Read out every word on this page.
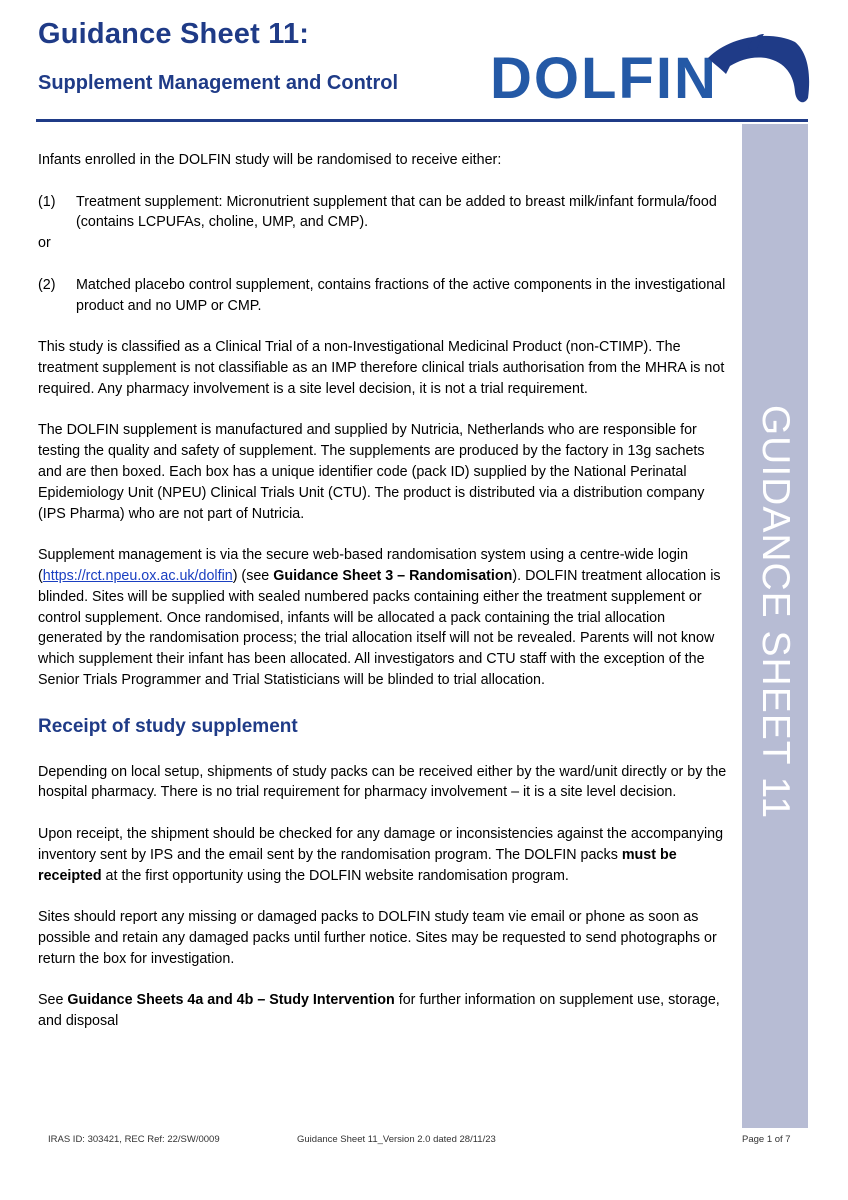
Guidance Sheet 11:
Supplement Management and Control DOLFIN
GUIDANCE SHEET 11

Infants enrolled in the DOLFIN study will be randomised to receive either:

(1)	Treatment supplement: Micronutrient supplement that can be added to breast milk/infant formula/food (contains LCPUFAs, choline, UMP, and CMP).

or

(2)	Matched placebo control supplement, contains fractions of the active components in the investigational product and no UMP or CMP.

This study is classified as a Clinical Trial of a non-Investigational Medicinal Product (non-CTIMP). The treatment supplement is not classifiable as an IMP therefore clinical trials authorisation from the MHRA is not required. Any pharmacy involvement is a site level decision, it is not a trial requirement.

The DOLFIN supplement is manufactured and supplied by Nutricia, Netherlands who are responsible for testing the quality and safety of supplement. The supplements are produced by the factory in 13g sachets and are then boxed. Each box has a unique identifier code (pack ID) supplied by the National Perinatal Epidemiology Unit (NPEU) Clinical Trials Unit (CTU). The product is distributed via a distribution company (IPS Pharma) who are not part of Nutricia.

Supplement management is via the secure web-based randomisation system using a centre-wide login (https://rct.npeu.ox.ac.uk/dolfin) (see Guidance Sheet 3 – Randomisation). DOLFIN treatment allocation is blinded. Sites will be supplied with sealed numbered packs containing either the treatment supplement or control supplement. Once randomised, infants will be allocated a pack containing the trial allocation generated by the randomisation process; the trial allocation itself will not be revealed. Parents will not know which supplement their infant has been allocated. All investigators and CTU staff with the exception of the Senior Trials Programmer and Trial Statisticians will be blinded to trial allocation.

Receipt of study supplement

Depending on local setup, shipments of study packs can be received either by the ward/unit directly or by the hospital pharmacy. There is no trial requirement for pharmacy involvement – it is a site level decision.

Upon receipt, the shipment should be checked for any damage or inconsistencies against the accompanying inventory sent by IPS and the email sent by the randomisation program. The DOLFIN packs must be receipted at the first opportunity using the DOLFIN website randomisation program.

Sites should report any missing or damaged packs to DOLFIN study team vie email or phone as soon as possible and retain any damaged packs until further notice. Sites may be requested to send photographs or return the box for investigation.

See Guidance Sheets 4a and 4b – Study Intervention for further information on supplement use, storage, and disposal

IRAS ID: 303421, REC Ref: 22/SW/0009	Guidance Sheet 11_Version 2.0 dated 28/11/23	Page 1 of 7
